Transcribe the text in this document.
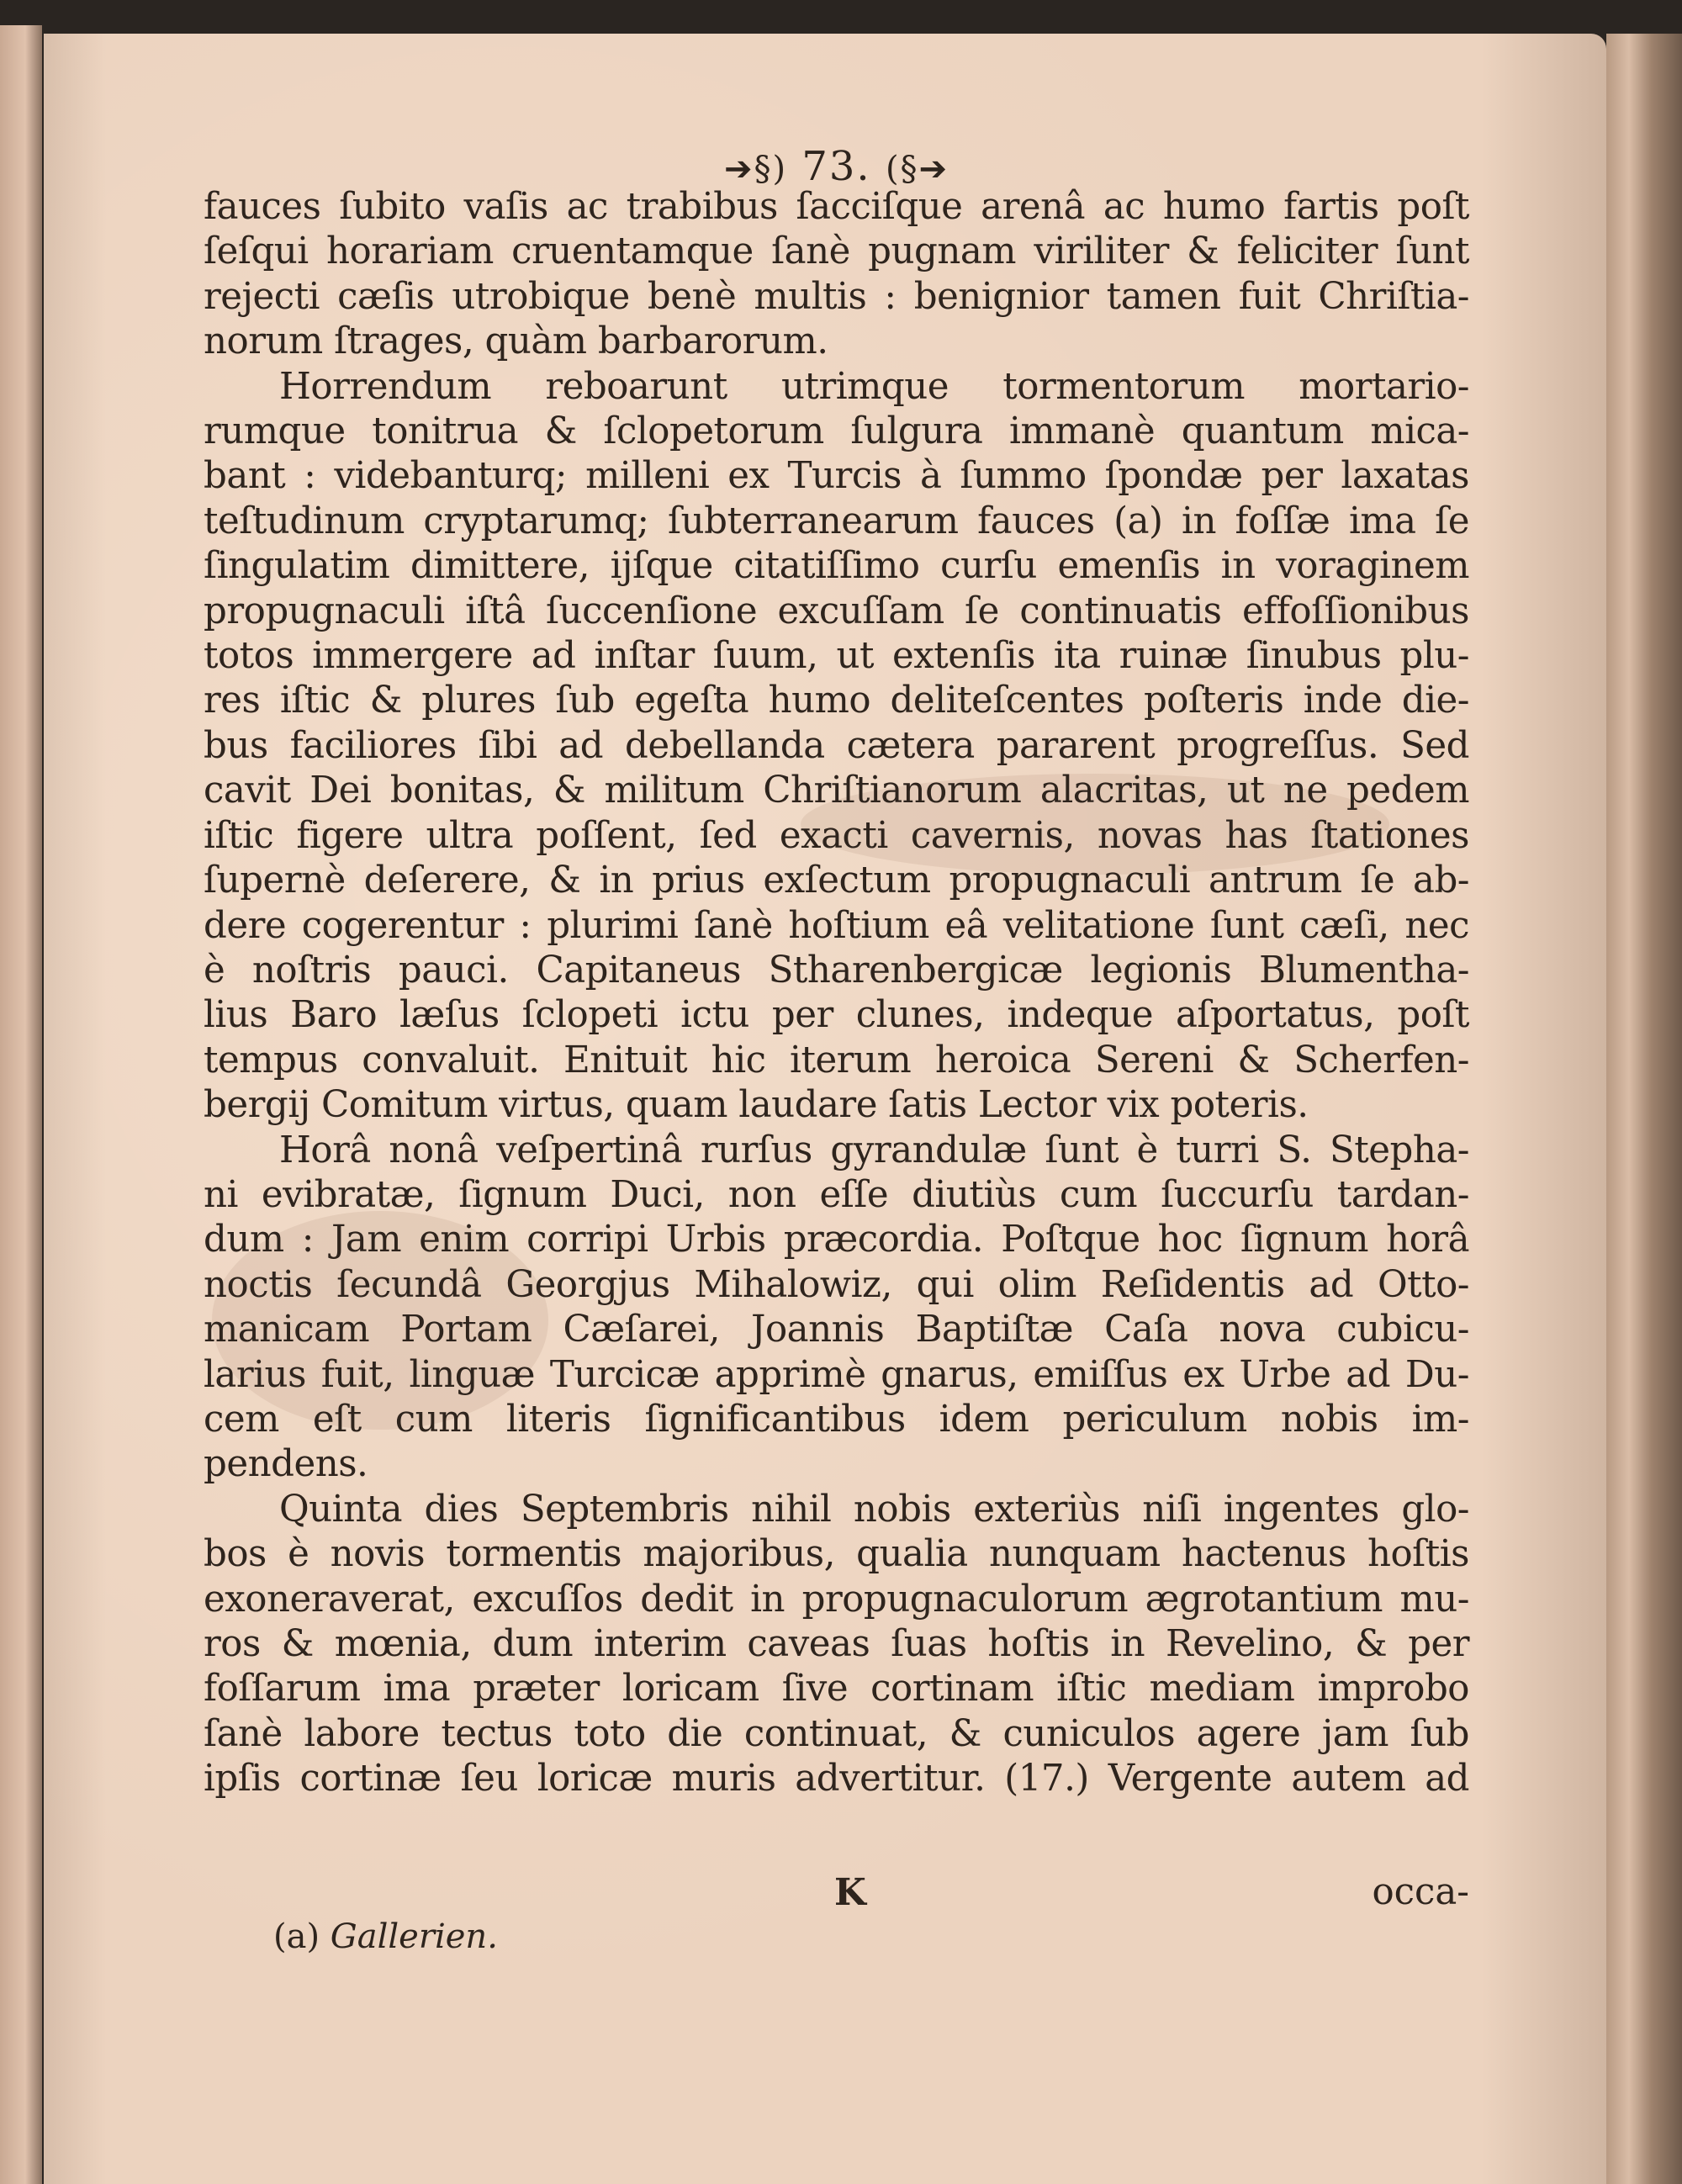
➔§) 73. (§➔
fauces ſubito vaſis ac trabibus ſacciſque arenâ ac humo fartis poſt
ſeſqui horariam cruentamque ſanè pugnam viriliter & feliciter ſunt
rejecti cæſis utrobique benè multis : benignior tamen fuit Chriſtia-
norum ſtrages, quàm barbarorum.
Horrendum reboarunt utrimque tormentorum mortario-
rumque tonitrua & ſclopetorum ſulgura immanè quantum mica-
bant : videbanturq; milleni ex Turcis à ſummo ſpondæ per laxatas
teſtudinum cryptarumq; ſubterranearum fauces (a) in foſſæ ima ſe
ſingulatim dimittere, ijſque citatiſſimo curſu emenſis in voraginem
propugnaculi iſtâ ſuccenſione excuſſam ſe continuatis effoſſionibus
totos immergere ad inſtar ſuum, ut extenſis ita ruinæ ſinubus plu-
res iſtic & plures ſub egeſta humo deliteſcentes poſteris inde die-
bus faciliores ſibi ad debellanda cætera pararent progreſſus. Sed
cavit Dei bonitas, & militum Chriſtianorum alacritas, ut ne pedem
iſtic figere ultra poſſent, ſed exacti cavernis, novas has ſtationes
ſupernè deſerere, & in prius exſectum propugnaculi antrum ſe ab-
dere cogerentur : plurimi ſanè hoſtium eâ velitatione ſunt cæſi, nec
è noſtris pauci. Capitaneus Stharenbergicæ legionis Blumentha-
lius Baro læſus ſclopeti ictu per clunes, indeque aſportatus, poſt
tempus convaluit. Enituit hic iterum heroica Sereni & Scherfen-
bergij Comitum virtus, quam laudare ſatis Lector vix poteris.
Horâ nonâ veſpertinâ rurſus gyrandulæ ſunt è turri S. Stepha-
ni evibratæ, ſignum Duci, non eſſe diutiùs cum ſuccurſu tardan-
dum : Jam enim corripi Urbis præcordia. Poſtque hoc ſignum horâ
noctis ſecundâ Georgjus Mihalowiz, qui olim Reſidentis ad Otto-
manicam Portam Cæſarei, Joannis Baptiſtæ Caſa nova cubicu-
larius fuit, linguæ Turcicæ apprimè gnarus, emiſſus ex Urbe ad Du-
cem eſt cum literis ſignificantibus idem periculum nobis im-
pendens.
Quinta dies Septembris nihil nobis exteriùs niſi ingentes glo-
bos è novis tormentis majoribus, qualia nunquam hactenus hoſtis
exoneraverat, excuſſos dedit in propugnaculorum ægrotantium mu-
ros & mœnia, dum interim caveas ſuas hoſtis in Revelino, & per
foſſarum ima præter loricam ſive cortinam iſtic mediam improbo
ſanè labore tectus toto die continuat, & cuniculos agere jam ſub
ipſis cortinæ ſeu loricæ muris advertitur. (17.) Vergente autem ad
K	occa-
(a) Gallerien.
